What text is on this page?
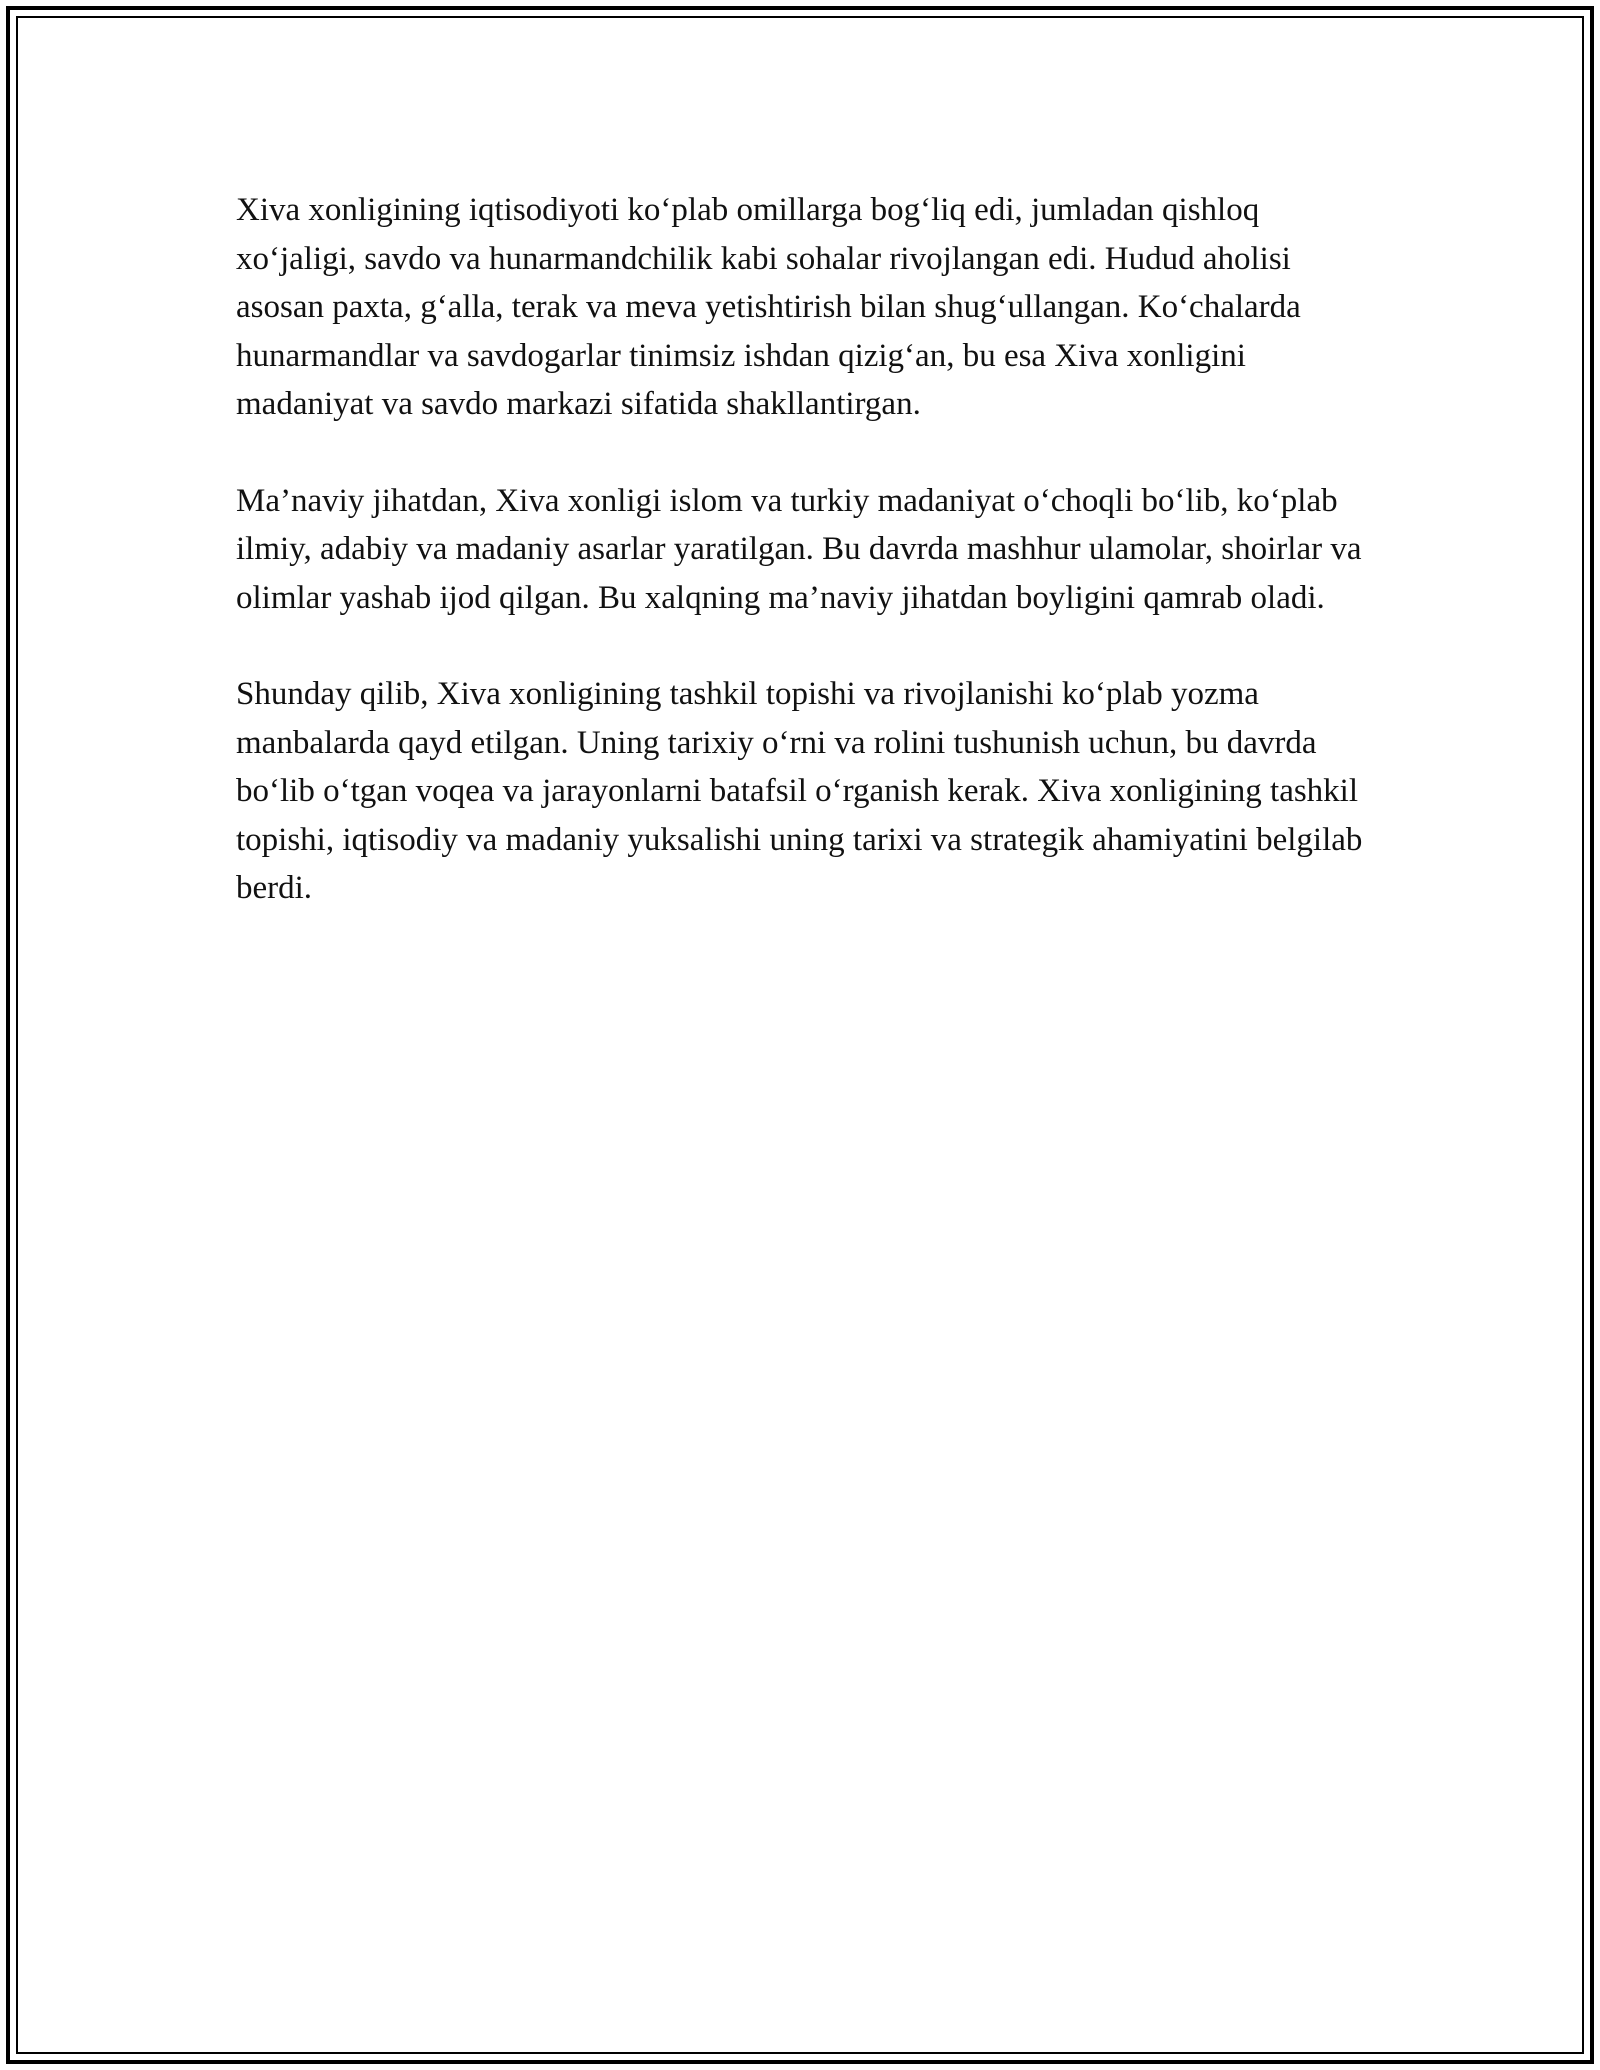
Xiva xonligining iqtisodiyoti ko‘plab omillarga bog‘liq edi, jumladan qishloq xo‘jaligi, savdo va hunarmandchilik kabi sohalar rivojlangan edi. Hudud aholisi asosan paxta, g‘alla, terak va meva yetishtirish bilan shug‘ullangan. Ko‘chalarda hunarmandlar va savdogarlar tinimsiz ishdan qizig‘an, bu esa Xiva xonligini madaniyat va savdo markazi sifatida shakllantirgan.

Ma’naviy jihatdan, Xiva xonligi islom va turkiy madaniyat o‘choqli bo‘lib, ko‘plab ilmiy, adabiy va madaniy asarlar yaratilgan. Bu davrda mashhur ulamolar, shoirlar va olimlar yashab ijod qilgan. Bu xalqning ma’naviy jihatdan boyligini qamrab oladi.

Shunday qilib, Xiva xonligining tashkil topishi va rivojlanishi ko‘plab yozma manbalarda qayd etilgan. Uning tarixiy o‘rni va rolini tushunish uchun, bu davrda bo‘lib o‘tgan voqea va jarayonlarni batafsil o‘rganish kerak. Xiva xonligining tashkil topishi, iqtisodiy va madaniy yuksalishi uning tarixi va strategik ahamiyatini belgilab berdi.
